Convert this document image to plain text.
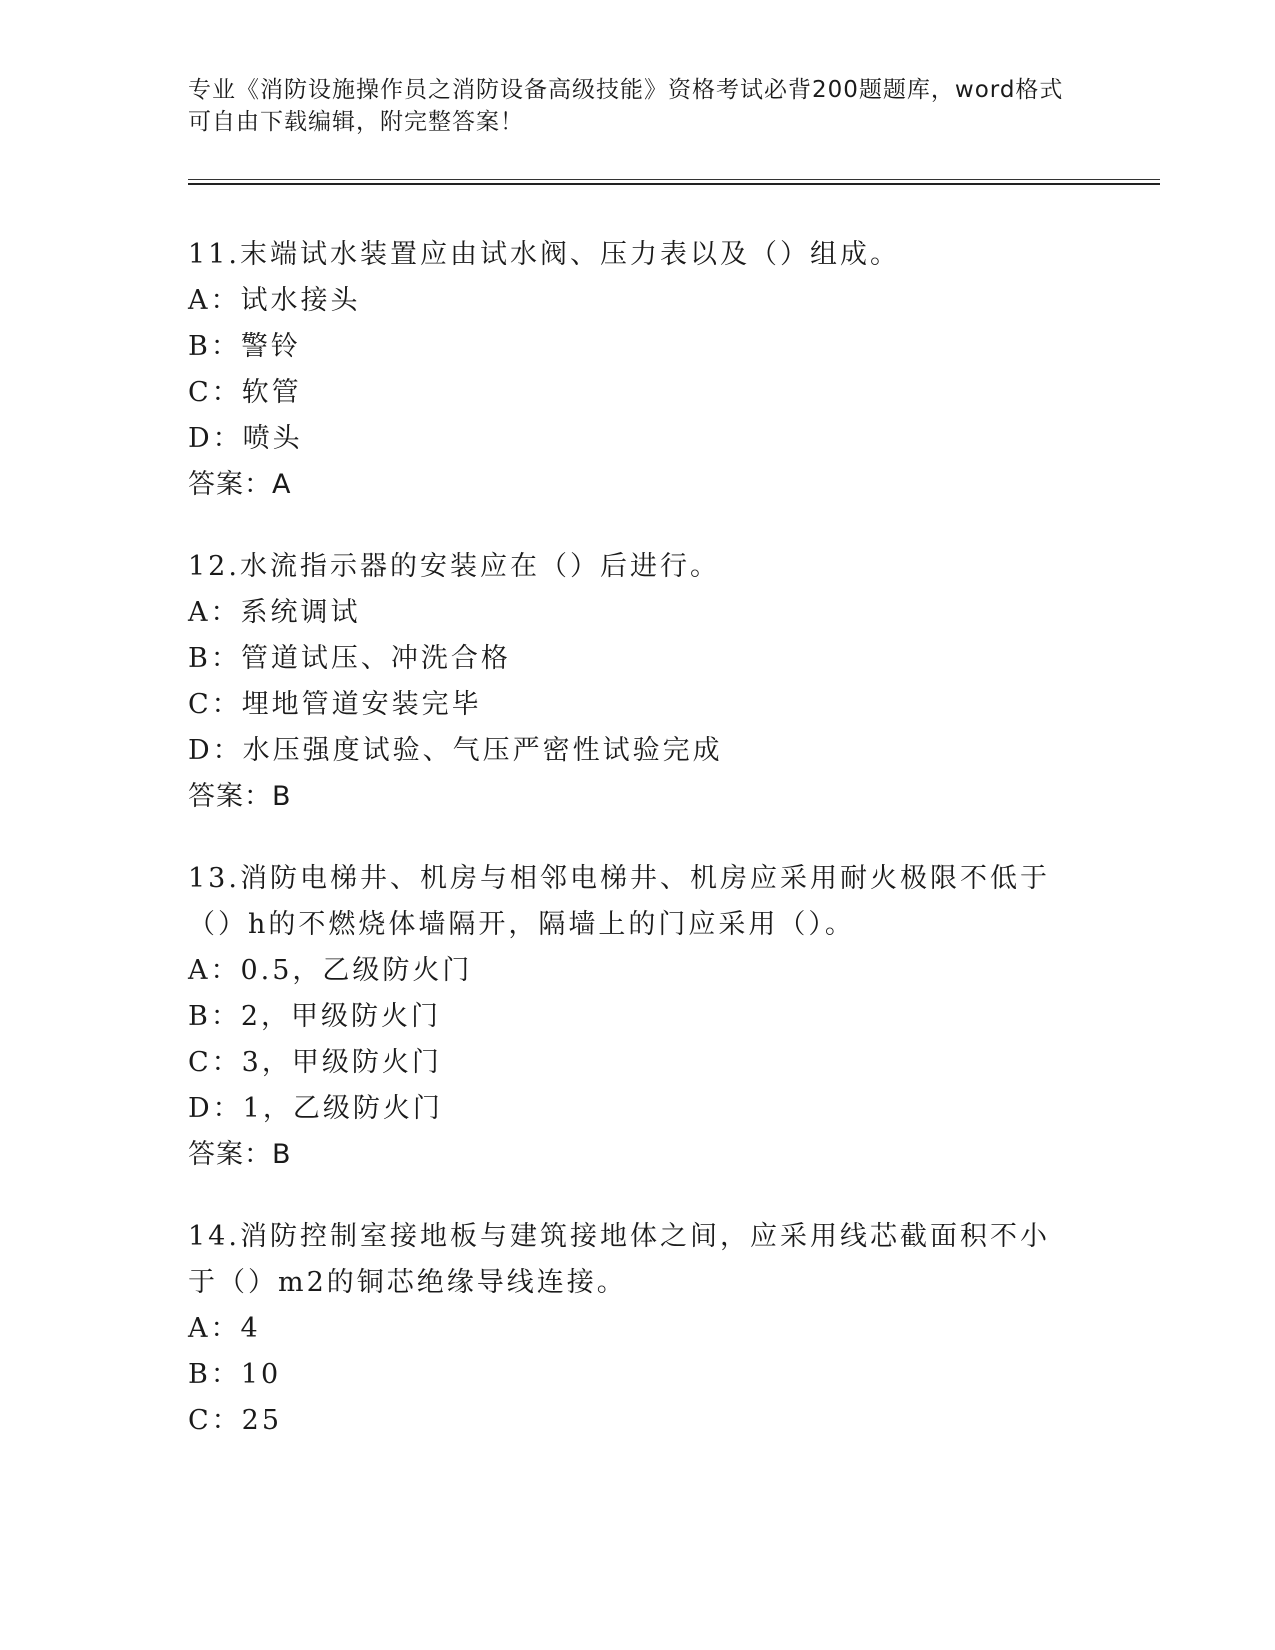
专业《消防设施操作员之消防设备高级技能》资格考试必背200题题库，word格式可自由下载编辑，附完整答案！
11.末端试水装置应由试水阀、压力表以及（）组成。
A：试水接头
B：警铃
C：软管
D：喷头
答案：A
12.水流指示器的安装应在（）后进行。
A：系统调试
B：管道试压、冲洗合格
C：埋地管道安装完毕
D：水压强度试验、气压严密性试验完成
答案：B
13.消防电梯井、机房与相邻电梯井、机房应采用耐火极限不低于（）h的不燃烧体墙隔开，隔墙上的门应采用（）。
A：0.5，乙级防火门
B：2，甲级防火门
C：3，甲级防火门
D：1，乙级防火门
答案：B
14.消防控制室接地板与建筑接地体之间，应采用线芯截面积不小于（）m2的铜芯绝缘导线连接。
A：4
B：10
C：25
